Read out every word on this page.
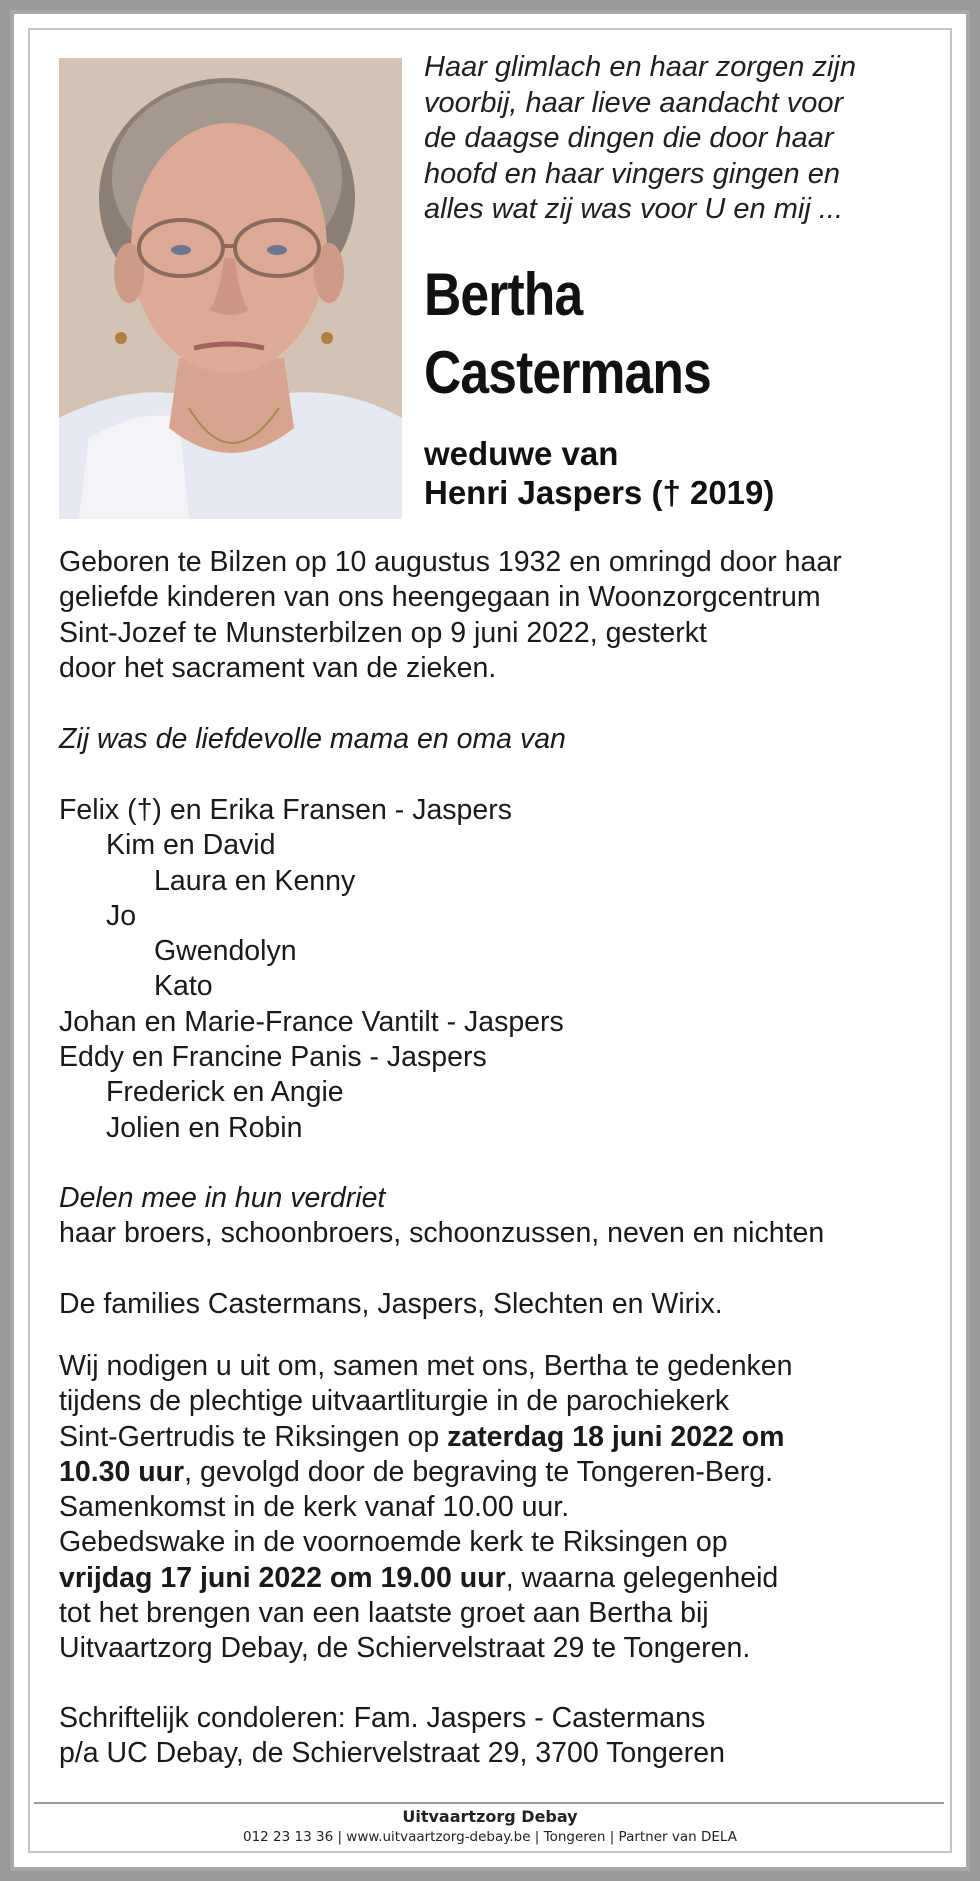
Haar glimlach en haar zorgen zijn
voorbij, haar lieve aandacht voor
de daagse dingen die door haar
hoofd en haar vingers gingen en
alles wat zij was voor U en mij ...
Bertha
Castermans
weduwe van
Henri Jaspers († 2019)
Geboren te Bilzen op 10 augustus 1932 en omringd door haar
geliefde kinderen van ons heengegaan in Woonzorgcentrum
Sint-Jozef te Munsterbilzen op 9 juni 2022, gesterkt
door het sacrament van de zieken.
Zij was de liefdevolle mama en oma van
Felix (†) en Erika Fransen - Jaspers
Kim en David
Laura en Kenny
Jo
Gwendolyn
Kato
Johan en Marie-France Vantilt - Jaspers
Eddy en Francine Panis - Jaspers
Frederick en Angie
Jolien en Robin
Delen mee in hun verdriet
haar broers, schoonbroers, schoonzussen, neven en nichten
De families Castermans, Jaspers, Slechten en Wirix.
Wij nodigen u uit om, samen met ons, Bertha te gedenken
tijdens de plechtige uitvaartliturgie in de parochiekerk
Sint-Gertrudis te Riksingen op zaterdag 18 juni 2022 om
10.30 uur, gevolgd door de begraving te Tongeren-Berg.
Samenkomst in de kerk vanaf 10.00 uur.
Gebedswake in de voornoemde kerk te Riksingen op
vrijdag 17 juni 2022 om 19.00 uur, waarna gelegenheid
tot het brengen van een laatste groet aan Bertha bij
Uitvaartzorg Debay, de Schiervelstraat 29 te Tongeren.
Schriftelijk condoleren: Fam. Jaspers - Castermans
p/a UC Debay, de Schiervelstraat 29, 3700 Tongeren
Uitvaartzorg Debay
012 23 13 36 | www.uitvaartzorg-debay.be | Tongeren | Partner van DELA
